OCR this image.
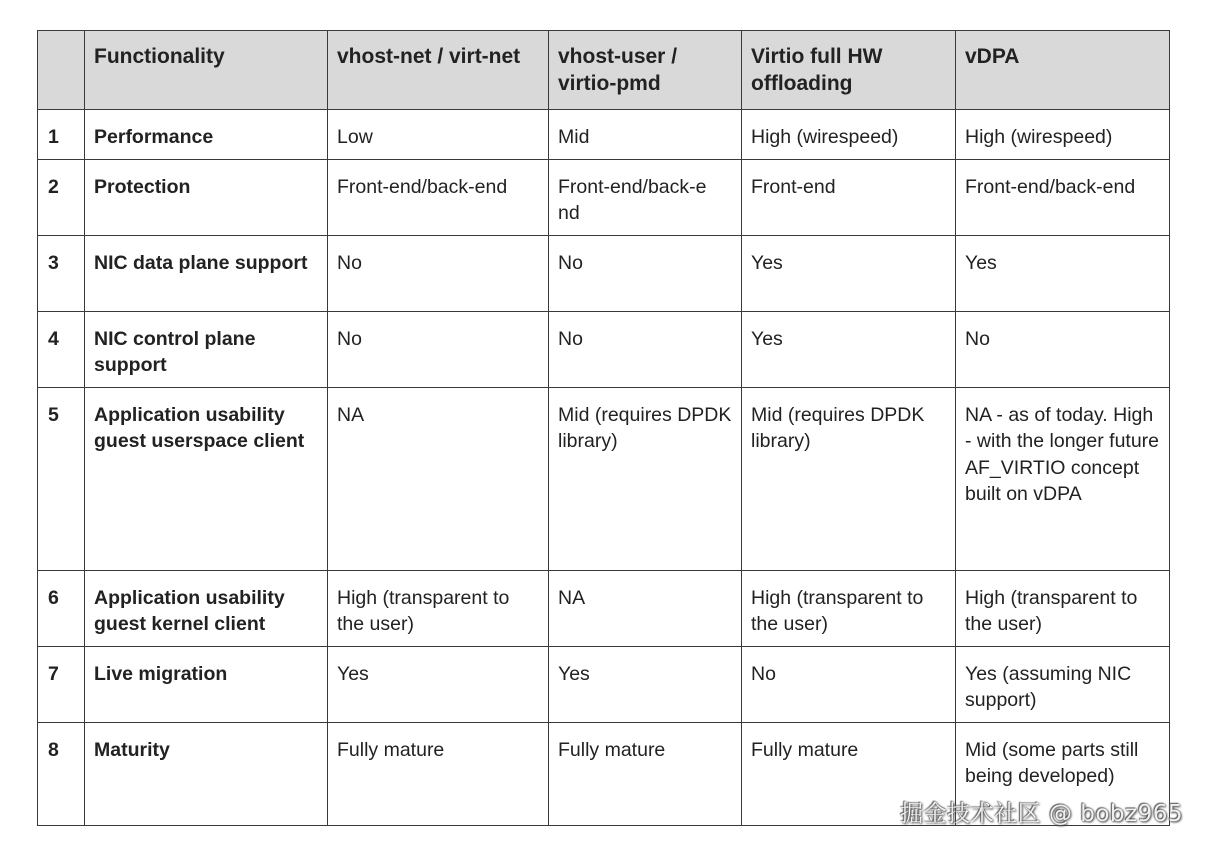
	Functionality	vhost-net / virt-net	vhost-user / virtio-pmd	Virtio full HW offloading	vDPA
1	Performance	Low	Mid	High (wirespeed)	High (wirespeed)
2	Protection	Front-end/back-end	Front-end/back-e nd	Front-end	Front-end/back-end
3	NIC data plane support	No	No	Yes	Yes
4	NIC control plane support	No	No	Yes	No
5	Application usability guest userspace client	NA	Mid (requires DPDK library)	Mid (requires DPDK library)	NA - as of today. High - with the longer future AF_VIRTIO concept built on vDPA
6	Application usability guest kernel client	High (transparent to the user)	NA	High (transparent to the user)	High (transparent to the user)
7	Live migration	Yes	Yes	No	Yes (assuming NIC support)
8	Maturity	Fully mature	Fully mature	Fully mature	Mid (some parts still being developed)
掘金技术社区 @ bobz965
